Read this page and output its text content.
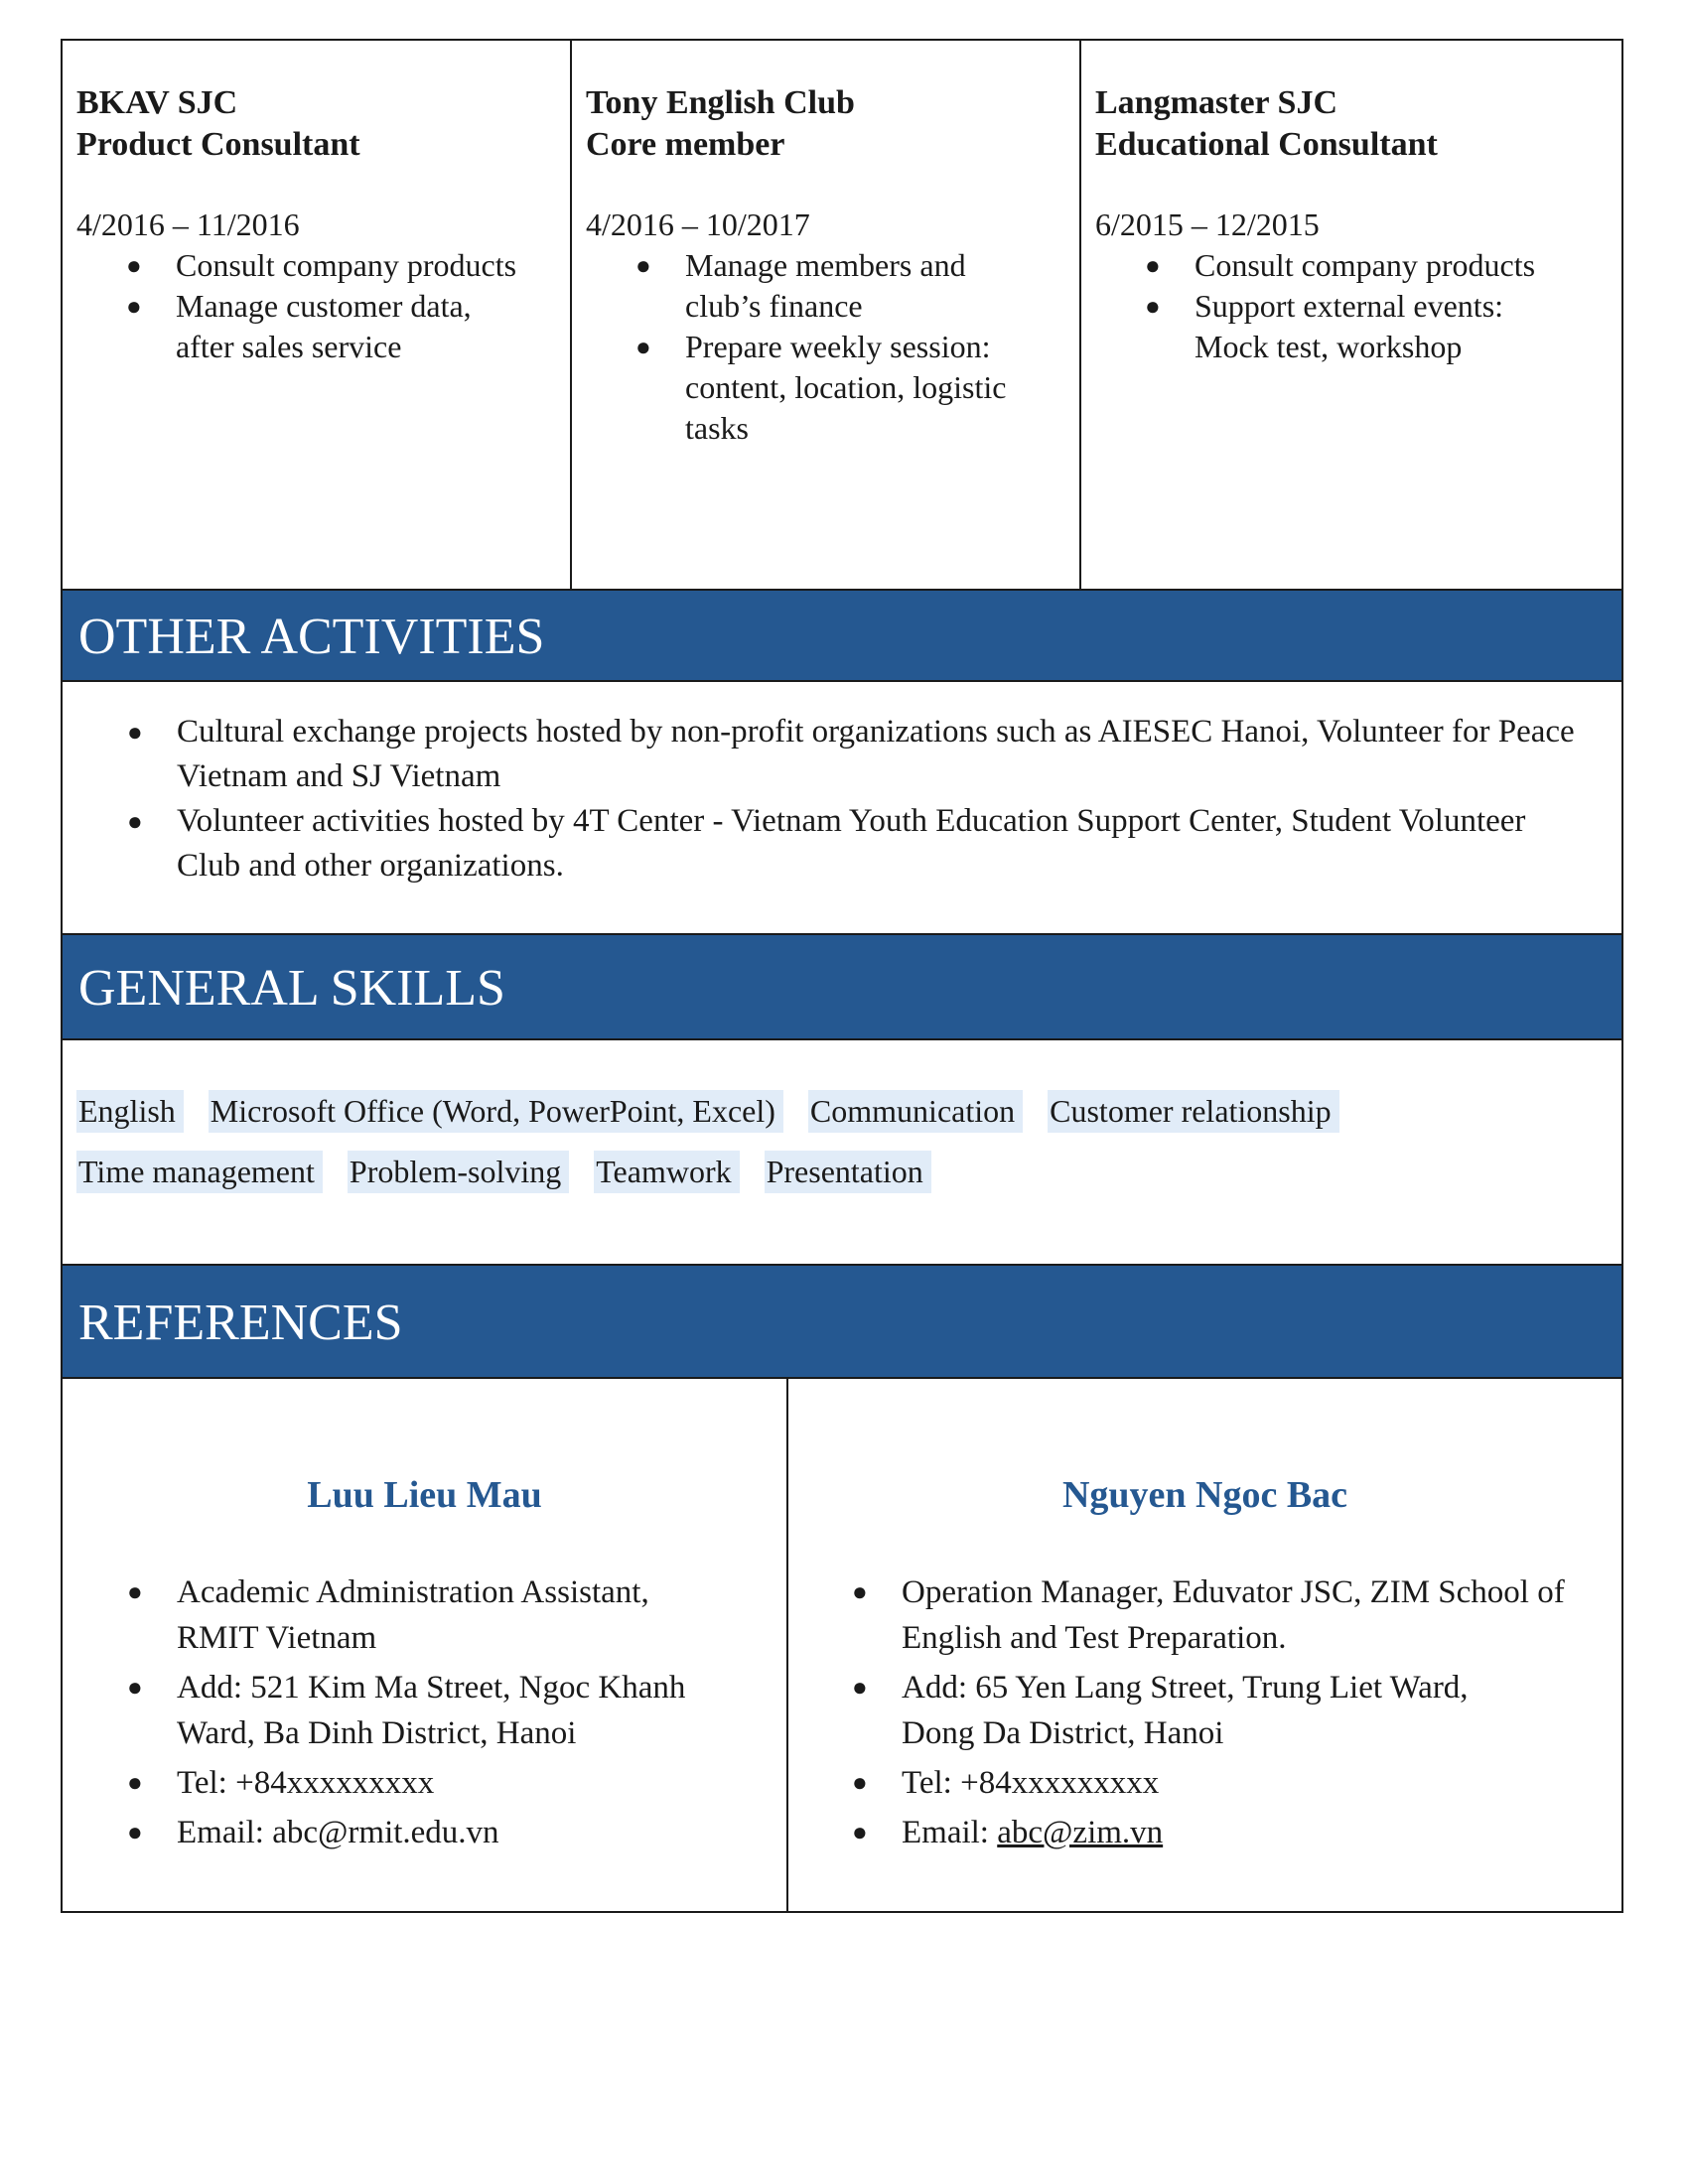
BKAV SJC
Product Consultant
4/2016 – 11/2016
● Consult company products
● Manage customer data, after sales service
Tony English Club
Core member
4/2016 – 10/2017
● Manage members and club’s finance
● Prepare weekly session: content, location, logistic tasks
Langmaster SJC
Educational Consultant
6/2015 – 12/2015
● Consult company products
● Support external events: Mock test, workshop
OTHER ACTIVITIES
● Cultural exchange projects hosted by non-profit organizations such as AIESEC Hanoi, Volunteer for Peace Vietnam and SJ Vietnam
● Volunteer activities hosted by 4T Center - Vietnam Youth Education Support Center, Student Volunteer Club and other organizations.
GENERAL SKILLS
English Microsoft Office (Word, PowerPoint, Excel) Communication Customer relationship
Time management Problem-solving Teamwork Presentation
REFERENCES
Luu Lieu Mau
● Academic Administration Assistant, RMIT Vietnam
● Add: 521 Kim Ma Street, Ngoc Khanh Ward, Ba Dinh District, Hanoi
● Tel: +84xxxxxxxxx
● Email: abc@rmit.edu.vn
Nguyen Ngoc Bac
● Operation Manager, Eduvator JSC, ZIM School of English and Test Preparation.
● Add: 65 Yen Lang Street, Trung Liet Ward, Dong Da District, Hanoi
● Tel: +84xxxxxxxxx
● Email: abc@zim.vn
